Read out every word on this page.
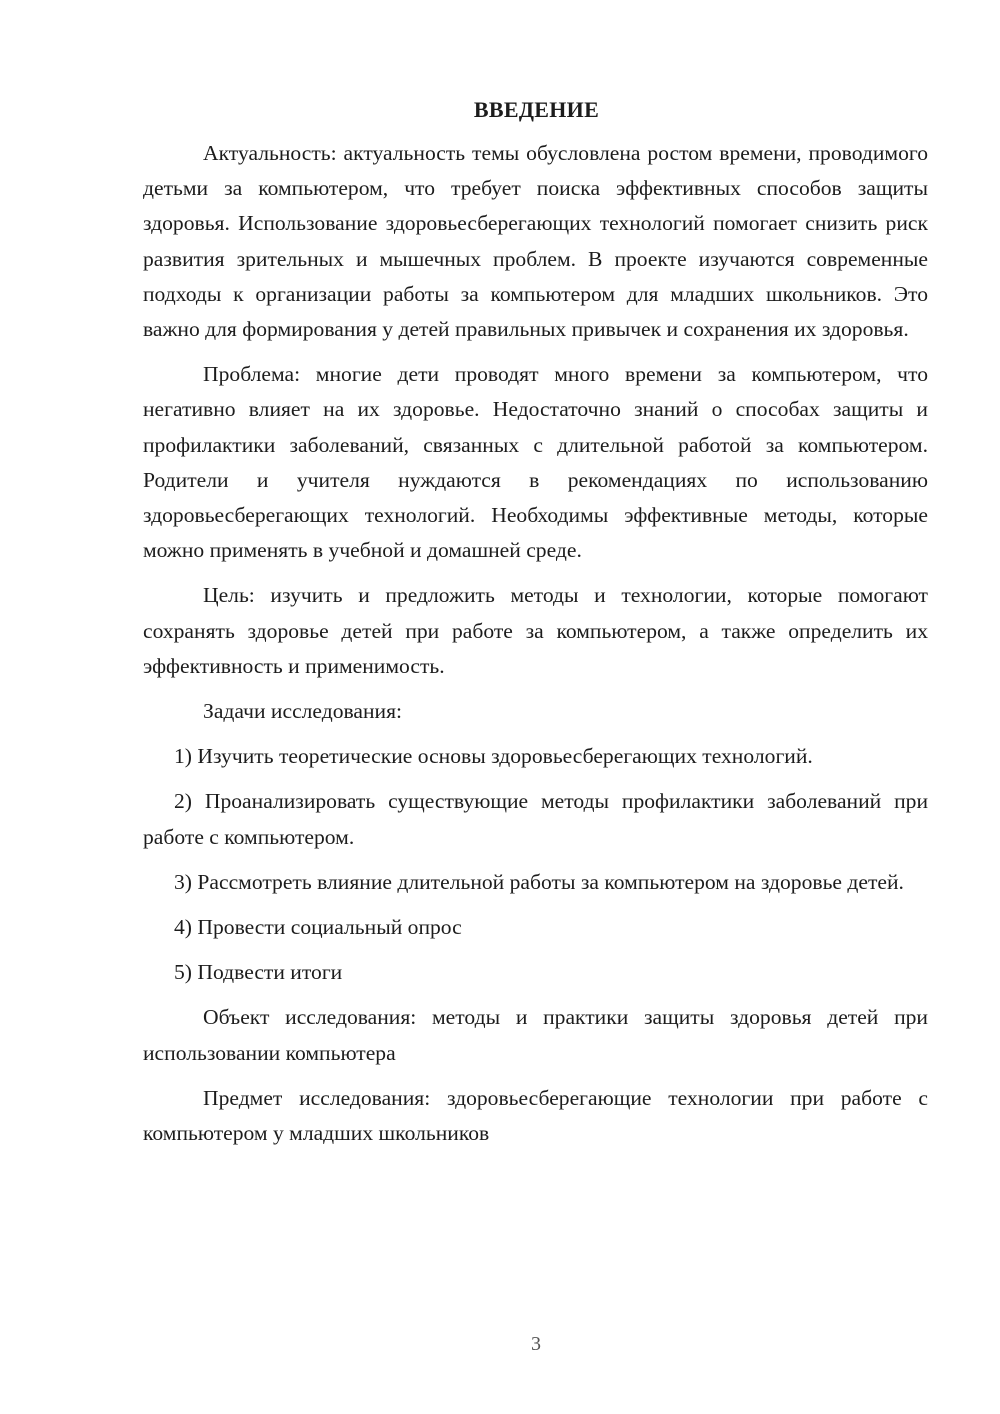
ВВЕДЕНИЕ

Актуальность: актуальность темы обусловлена ростом времени, проводимого детьми за компьютером, что требует поиска эффективных способов защиты здоровья. Использование здоровьесберегающих технологий помогает снизить риск развития зрительных и мышечных проблем. В проекте изучаются современные подходы к организации работы за компьютером для младших школьников. Это важно для формирования у детей правильных привычек и сохранения их здоровья.

Проблема: многие дети проводят много времени за компьютером, что негативно влияет на их здоровье. Недостаточно знаний о способах защиты и профилактики заболеваний, связанных с длительной работой за компьютером. Родители и учителя нуждаются в рекомендациях по использованию здоровьесберегающих технологий. Необходимы эффективные методы, которые можно применять в учебной и домашней среде.

Цель: изучить и предложить методы и технологии, которые помогают сохранять здоровье детей при работе за компьютером, а также определить их эффективность и применимость.

Задачи исследования:

1) Изучить теоретические основы здоровьесберегающих технологий.

2) Проанализировать существующие методы профилактики заболеваний при работе с компьютером.

3) Рассмотреть влияние длительной работы за компьютером на здоровье детей.

4) Провести социальный опрос

5) Подвести итоги

Объект исследования: методы и практики защиты здоровья детей при использовании компьютера

Предмет исследования: здоровьесберегающие технологии при работе с компьютером у младших школьников

3
